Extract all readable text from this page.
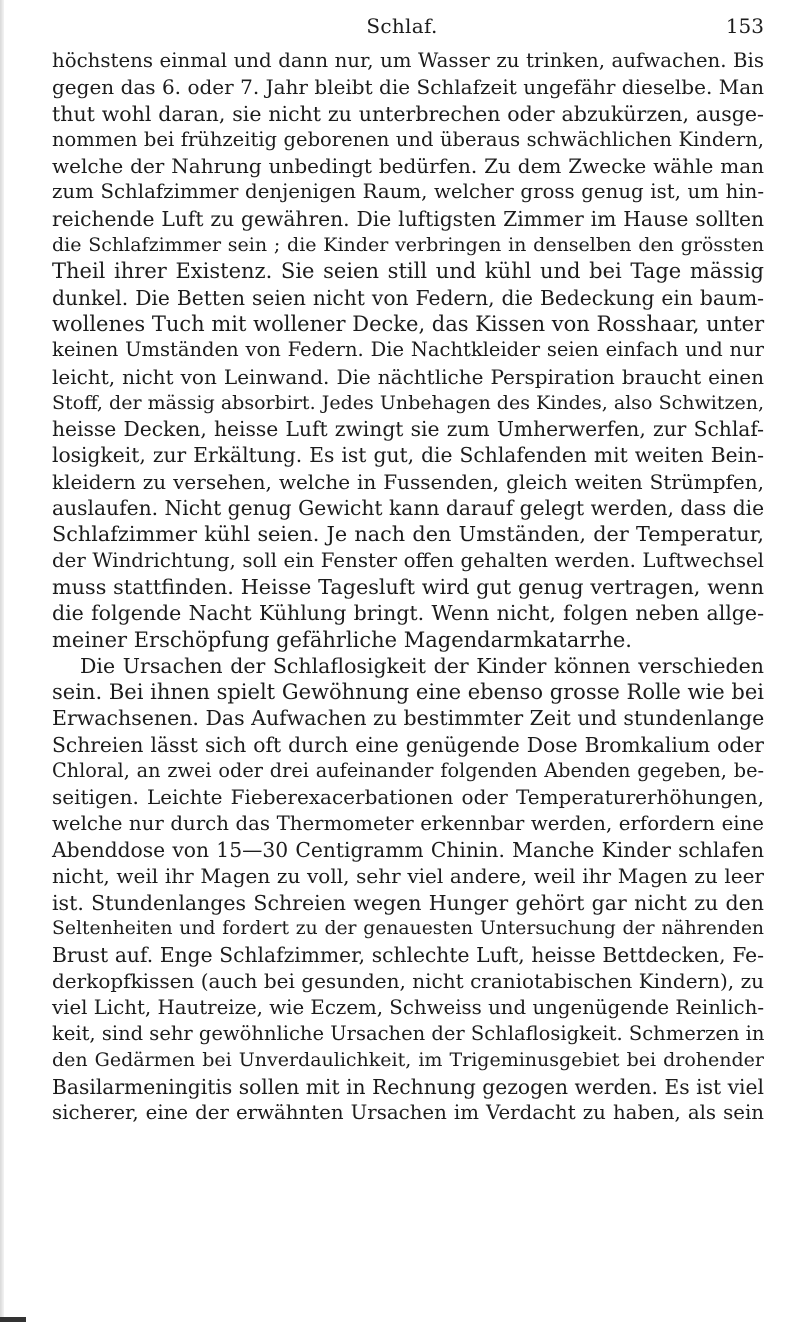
Schlaf.	153
höchstens einmal und dann nur, um Wasser zu trinken, aufwachen. Bis
gegen das 6. oder 7. Jahr bleibt die Schlafzeit ungefähr dieselbe. Man
thut wohl daran, sie nicht zu unterbrechen oder abzukürzen, ausge-
nommen bei frühzeitig geborenen und überaus schwächlichen Kindern,
welche der Nahrung unbedingt bedürfen. Zu dem Zwecke wähle man
zum Schlafzimmer denjenigen Raum, welcher gross genug ist, um hin-
reichende Luft zu gewähren. Die luftigsten Zimmer im Hause sollten
die Schlafzimmer sein ; die Kinder verbringen in denselben den grössten
Theil ihrer Existenz. Sie seien still und kühl und bei Tage mässig
dunkel. Die Betten seien nicht von Federn, die Bedeckung ein baum-
wollenes Tuch mit wollener Decke, das Kissen von Rosshaar, unter
keinen Umständen von Federn. Die Nachtkleider seien einfach und nur
leicht, nicht von Leinwand. Die nächtliche Perspiration braucht einen
Stoff, der mässig absorbirt. Jedes Unbehagen des Kindes, also Schwitzen,
heisse Decken, heisse Luft zwingt sie zum Umherwerfen, zur Schlaf-
losigkeit, zur Erkältung. Es ist gut, die Schlafenden mit weiten Bein-
kleidern zu versehen, welche in Fussenden, gleich weiten Strümpfen,
auslaufen. Nicht genug Gewicht kann darauf gelegt werden, dass die
Schlafzimmer kühl seien. Je nach den Umständen, der Temperatur,
der Windrichtung, soll ein Fenster offen gehalten werden. Luftwechsel
muss stattfinden. Heisse Tagesluft wird gut genug vertragen, wenn
die folgende Nacht Kühlung bringt. Wenn nicht, folgen neben allge-
meiner Erschöpfung gefährliche Magendarmkatarrhe.
Die Ursachen der Schlaflosigkeit der Kinder können verschieden
sein. Bei ihnen spielt Gewöhnung eine ebenso grosse Rolle wie bei
Erwachsenen. Das Aufwachen zu bestimmter Zeit und stundenlange
Schreien lässt sich oft durch eine genügende Dose Bromkalium oder
Chloral, an zwei oder drei aufeinander folgenden Abenden gegeben, be-
seitigen. Leichte Fieberexacerbationen oder Temperaturerhöhungen,
welche nur durch das Thermometer erkennbar werden, erfordern eine
Abenddose von 15—30 Centigramm Chinin. Manche Kinder schlafen
nicht, weil ihr Magen zu voll, sehr viel andere, weil ihr Magen zu leer
ist. Stundenlanges Schreien wegen Hunger gehört gar nicht zu den
Seltenheiten und fordert zu der genauesten Untersuchung der nährenden
Brust auf. Enge Schlafzimmer, schlechte Luft, heisse Bettdecken, Fe-
derkopfkissen (auch bei gesunden, nicht craniotabischen Kindern), zu
viel Licht, Hautreize, wie Eczem, Schweiss und ungenügende Reinlich-
keit, sind sehr gewöhnliche Ursachen der Schlaflosigkeit. Schmerzen in
den Gedärmen bei Unverdaulichkeit, im Trigeminusgebiet bei drohender
Basilarmeningitis sollen mit in Rechnung gezogen werden. Es ist viel
sicherer, eine der erwähnten Ursachen im Verdacht zu haben, als sein
